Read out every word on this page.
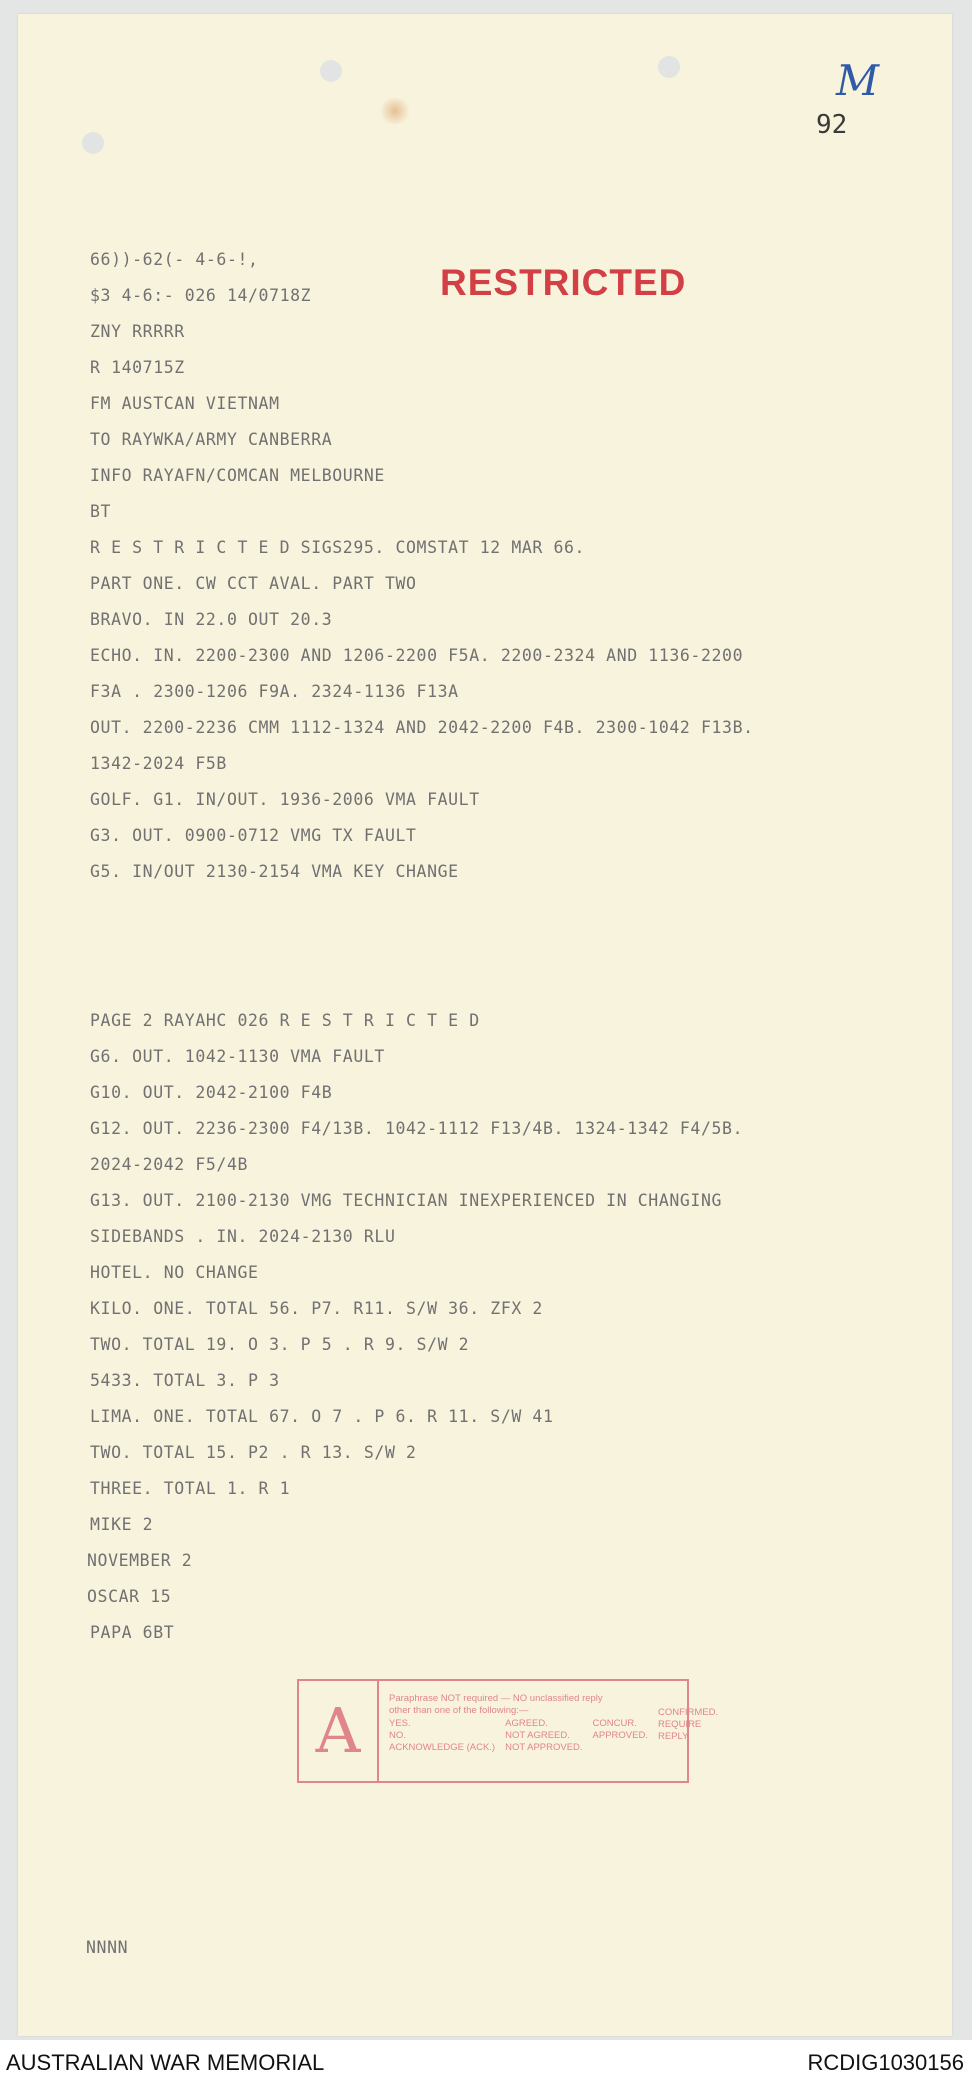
M
92
RESTRICTED
66))-62(- 4-6-!,
$3 4-6:- 026 14/0718Z
ZNY RRRRR
R 140715Z
FM AUSTCAN VIETNAM
TO RAYWKA/ARMY CANBERRA
INFO RAYAFN/COMCAN MELBOURNE
BT
R E S T R I C T E D SIGS295. COMSTAT 12 MAR 66.
PART ONE. CW CCT AVAL. PART TWO
BRAVO. IN 22.0 OUT 20.3
ECHO. IN. 2200-2300 AND 1206-2200 F5A. 2200-2324 AND 1136-2200
F3A . 2300-1206 F9A. 2324-1136 F13A
OUT. 2200-2236 CMM 1112-1324 AND 2042-2200 F4B. 2300-1042 F13B.
1342-2024 F5B
GOLF. G1. IN/OUT. 1936-2006 VMA FAULT
G3. OUT. 0900-0712 VMG TX FAULT
G5. IN/OUT 2130-2154 VMA KEY CHANGE
PAGE 2 RAYAHC 026 R E S T R I C T E D
G6. OUT. 1042-1130 VMA FAULT
G10. OUT. 2042-2100 F4B
G12. OUT. 2236-2300 F4/13B. 1042-1112 F13/4B. 1324-1342 F4/5B.
2024-2042 F5/4B
G13. OUT. 2100-2130 VMG TECHNICIAN INEXPERIENCED IN CHANGING
SIDEBANDS . IN. 2024-2130 RLU
HOTEL. NO CHANGE
KILO. ONE. TOTAL 56. P7. R11. S/W 36. ZFX 2
TWO. TOTAL 19. O 3. P 5 . R 9. S/W 2
5433. TOTAL 3. P 3
LIMA. ONE. TOTAL 67. O 7 . P 6. R 11. S/W 41
TWO. TOTAL 15. P2 . R 13. S/W 2
THREE. TOTAL 1. R 1
MIKE 2
NOVEMBER 2
OSCAR 15
PAPA 6BT
NNNN
A	Paraphrase NOT required — NO unclassified reply
other than one of the following:—
YES.	AGREED.	CONCUR.
NO.	NOT AGREED.	APPROVED.
ACKNOWLEDGE (ACK.) NOT APPROVED.
CONFIRMED.
REQUIRE REPLY.
AUSTRALIAN WAR MEMORIAL	RCDIG1030156
